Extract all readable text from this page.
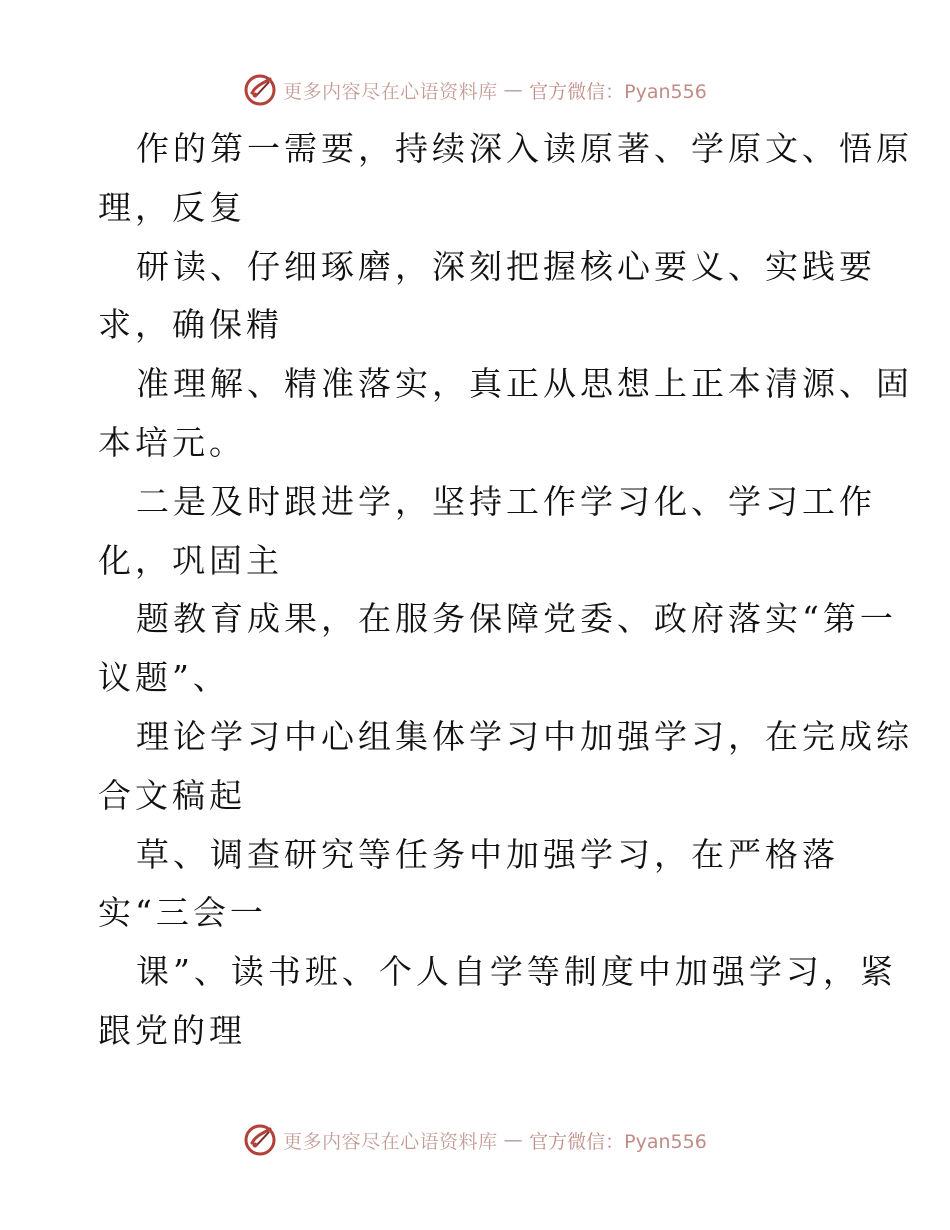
更多内容尽在心语资料库 — 官方微信：Pyan556
作的第一需要，持续深入读原著、学原文、悟原
理，反复
研读、仔细琢磨，深刻把握核心要义、实践要
求，确保精
准理解、精准落实，真正从思想上正本清源、固
本培元。
二是及时跟进学，坚持工作学习化、学习工作
化，巩固主
题教育成果，在服务保障党委、政府落实“第一
议题”、
理论学习中心组集体学习中加强学习，在完成综
合文稿起
草、调查研究等任务中加强学习，在严格落
实“三会一
课”、读书班、个人自学等制度中加强学习，紧
跟党的理
更多内容尽在心语资料库 — 官方微信：Pyan556
